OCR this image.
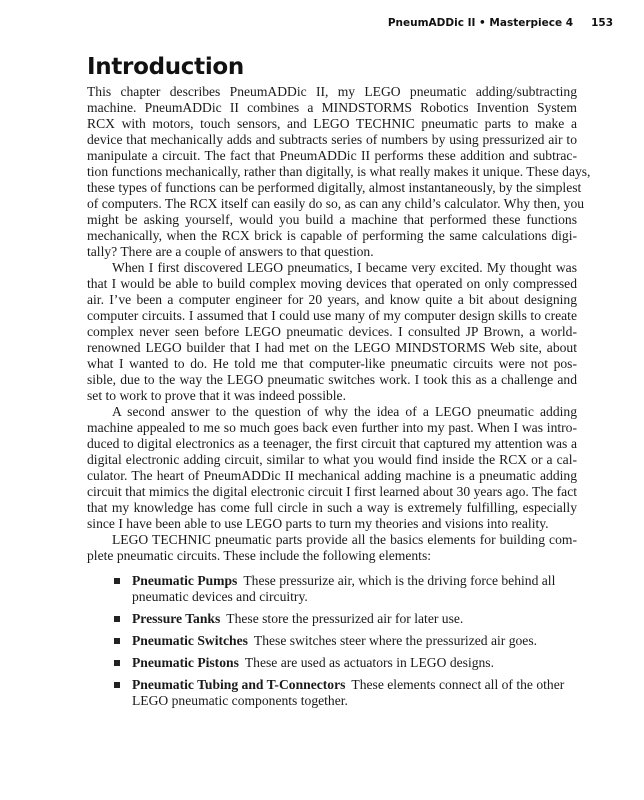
PneumADDic II • Masterpiece 4 153
Introduction
This chapter describes PneumADDic II, my LEGO pneumatic adding/subtracting
machine. PneumADDic II combines a MINDSTORMS Robotics Invention System
RCX with motors, touch sensors, and LEGO TECHNIC pneumatic parts to make a
device that mechanically adds and subtracts series of numbers by using pressurized air to
manipulate a circuit. The fact that PneumADDic II performs these addition and subtrac-
tion functions mechanically, rather than digitally, is what really makes it unique. These days,
these types of functions can be performed digitally, almost instantaneously, by the simplest
of computers. The RCX itself can easily do so, as can any child’s calculator. Why then, you
might be asking yourself, would you build a machine that performed these functions
mechanically, when the RCX brick is capable of performing the same calculations digi-
tally? There are a couple of answers to that question.
When I first discovered LEGO pneumatics, I became very excited. My thought was
that I would be able to build complex moving devices that operated on only compressed
air. I’ve been a computer engineer for 20 years, and know quite a bit about designing
computer circuits. I assumed that I could use many of my computer design skills to create
complex never seen before LEGO pneumatic devices. I consulted JP Brown, a world-
renowned LEGO builder that I had met on the LEGO MINDSTORMS Web site, about
what I wanted to do. He told me that computer-like pneumatic circuits were not pos-
sible, due to the way the LEGO pneumatic switches work. I took this as a challenge and
set to work to prove that it was indeed possible.
A second answer to the question of why the idea of a LEGO pneumatic adding
machine appealed to me so much goes back even further into my past. When I was intro-
duced to digital electronics as a teenager, the first circuit that captured my attention was a
digital electronic adding circuit, similar to what you would find inside the RCX or a cal-
culator. The heart of PneumADDic II mechanical adding machine is a pneumatic adding
circuit that mimics the digital electronic circuit I first learned about 30 years ago. The fact
that my knowledge has come full circle in such a way is extremely fulfilling, especially
since I have been able to use LEGO parts to turn my theories and visions into reality.
LEGO TECHNIC pneumatic parts provide all the basics elements for building com-
plete pneumatic circuits. These include the following elements:
Pneumatic Pumps These pressurize air, which is the driving force behind all pneumatic devices and circuitry.
Pressure Tanks These store the pressurized air for later use.
Pneumatic Switches These switches steer where the pressurized air goes.
Pneumatic Pistons These are used as actuators in LEGO designs.
Pneumatic Tubing and T-Connectors These elements connect all of the other LEGO pneumatic components together.
